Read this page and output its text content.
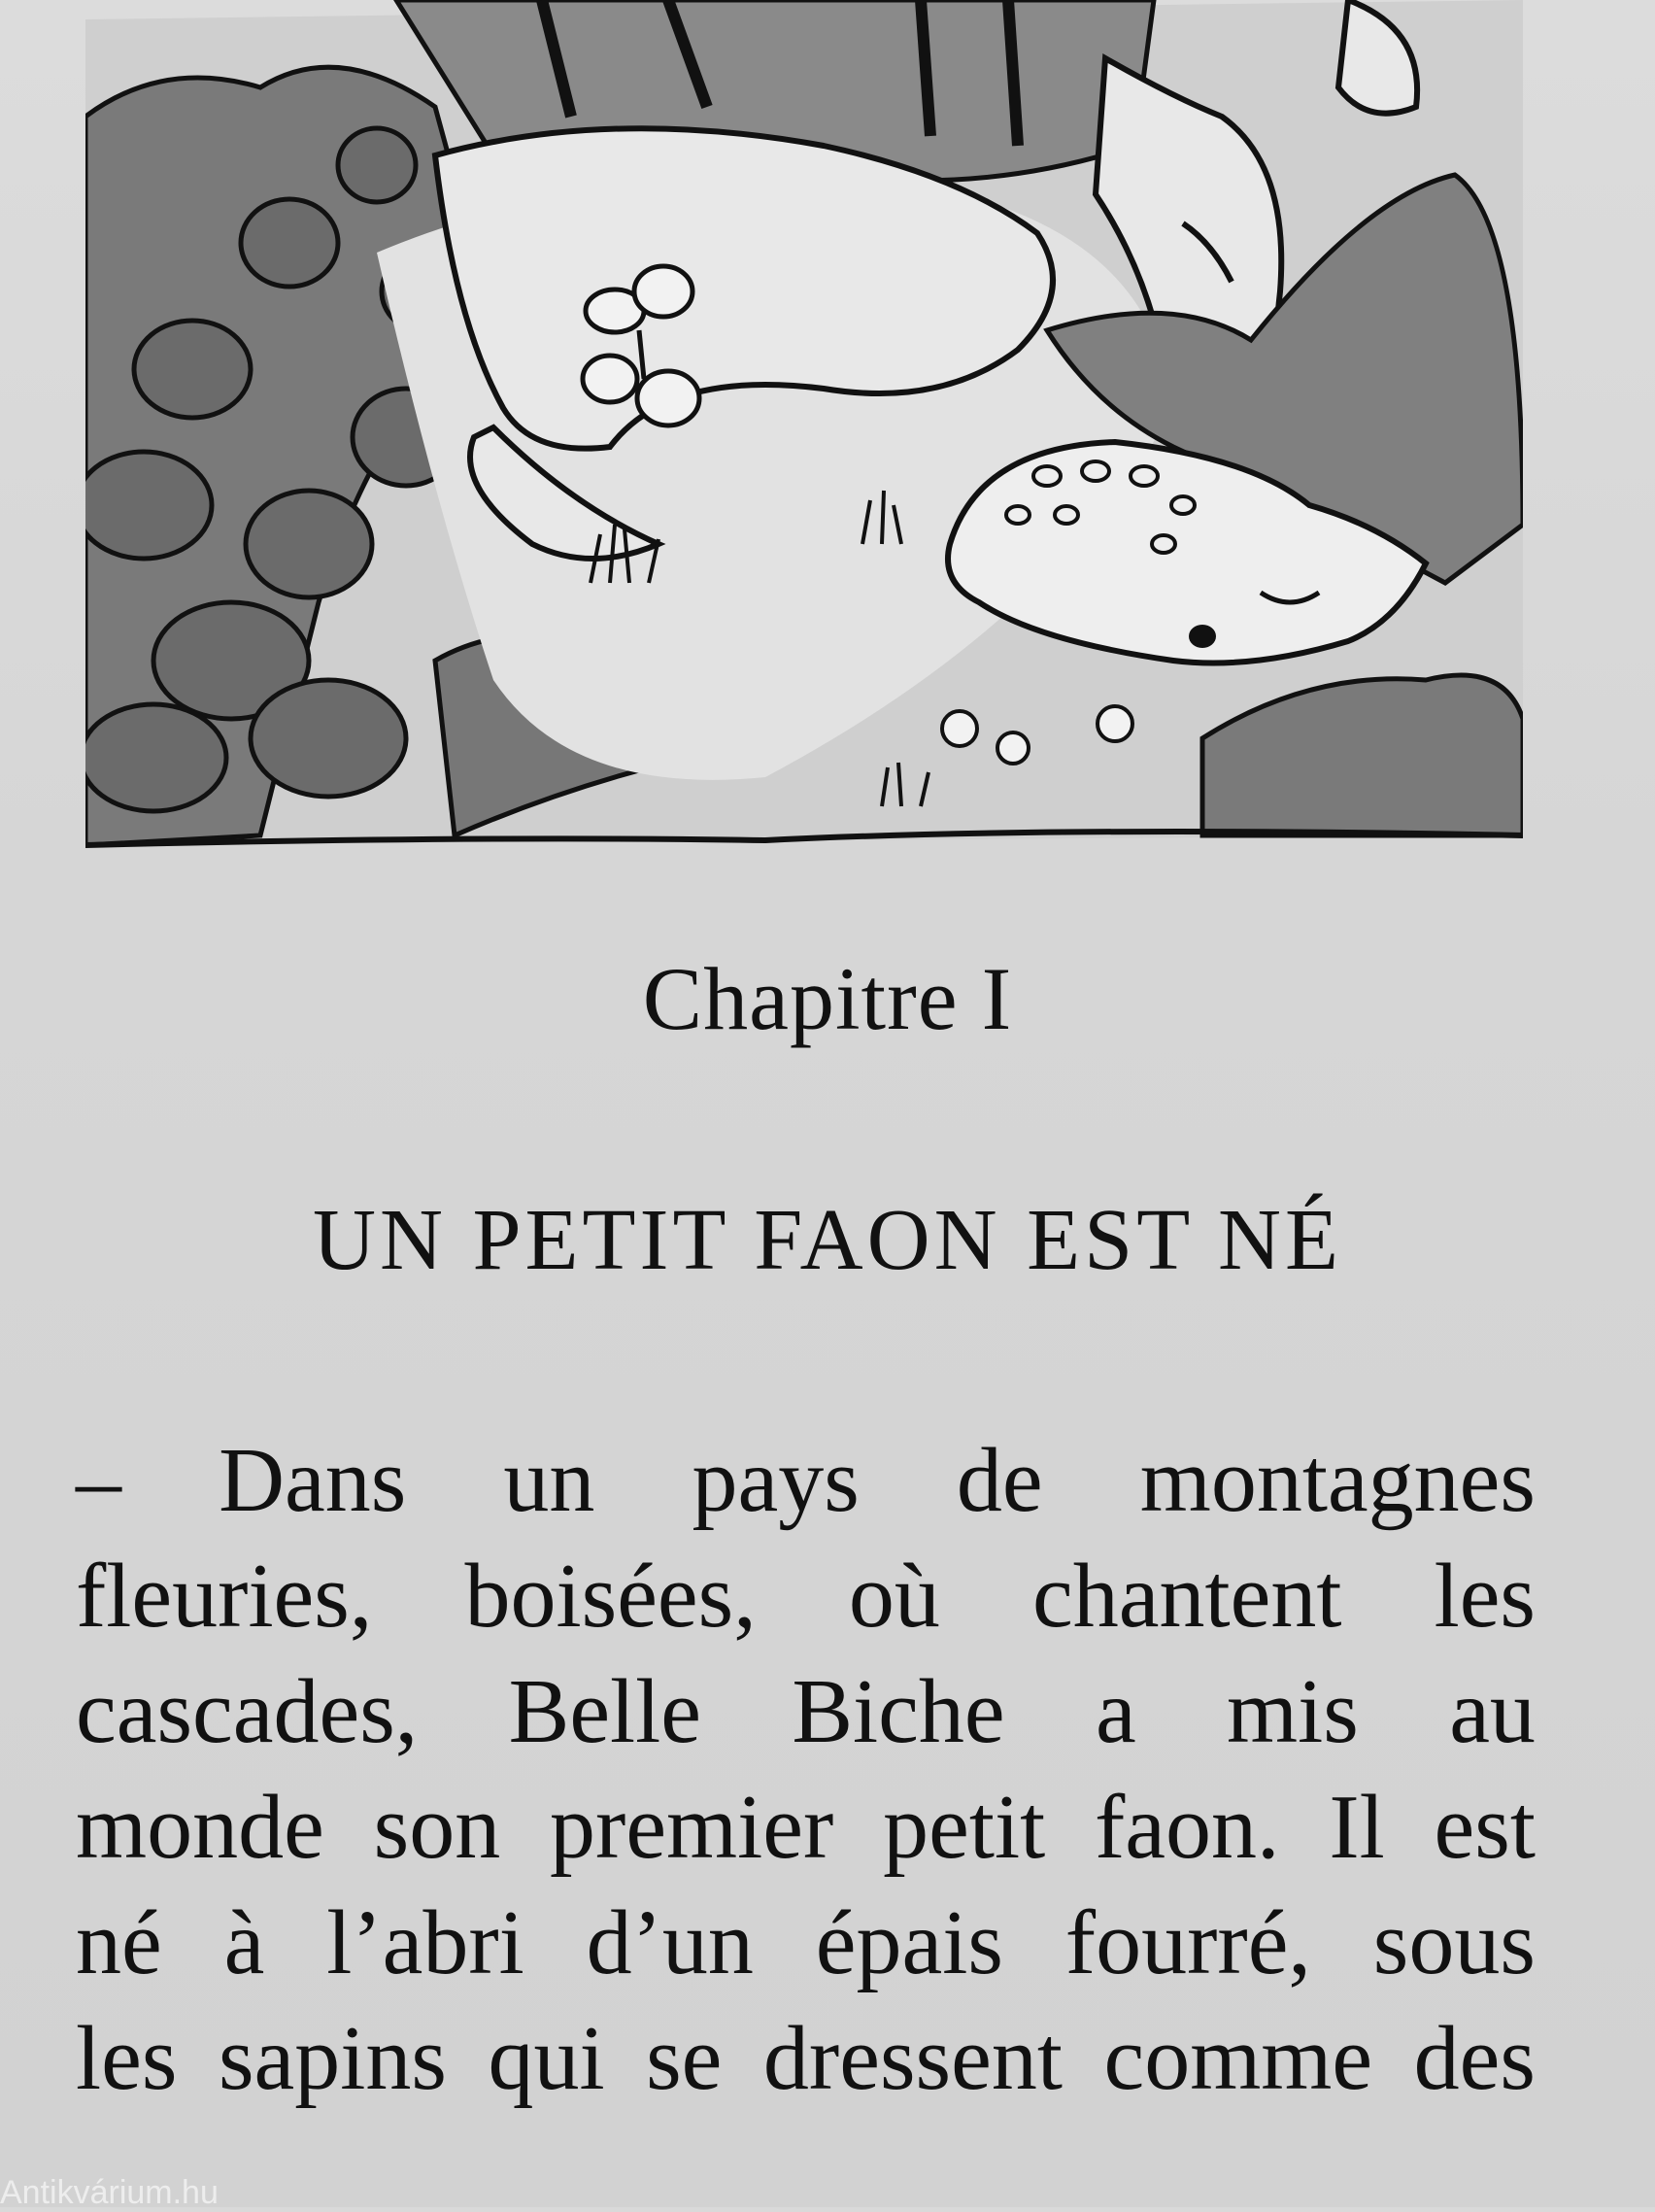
Chapitre I
UN PETIT FAON EST NÉ
– Dans un pays de montagnes
fleuries, boisées, où chantent les
cascades, Belle Biche a mis au
monde son premier petit faon. Il est
né à l’abri d’un épais fourré, sous
les sapins qui se dressent comme des
Antikvárium.hu
